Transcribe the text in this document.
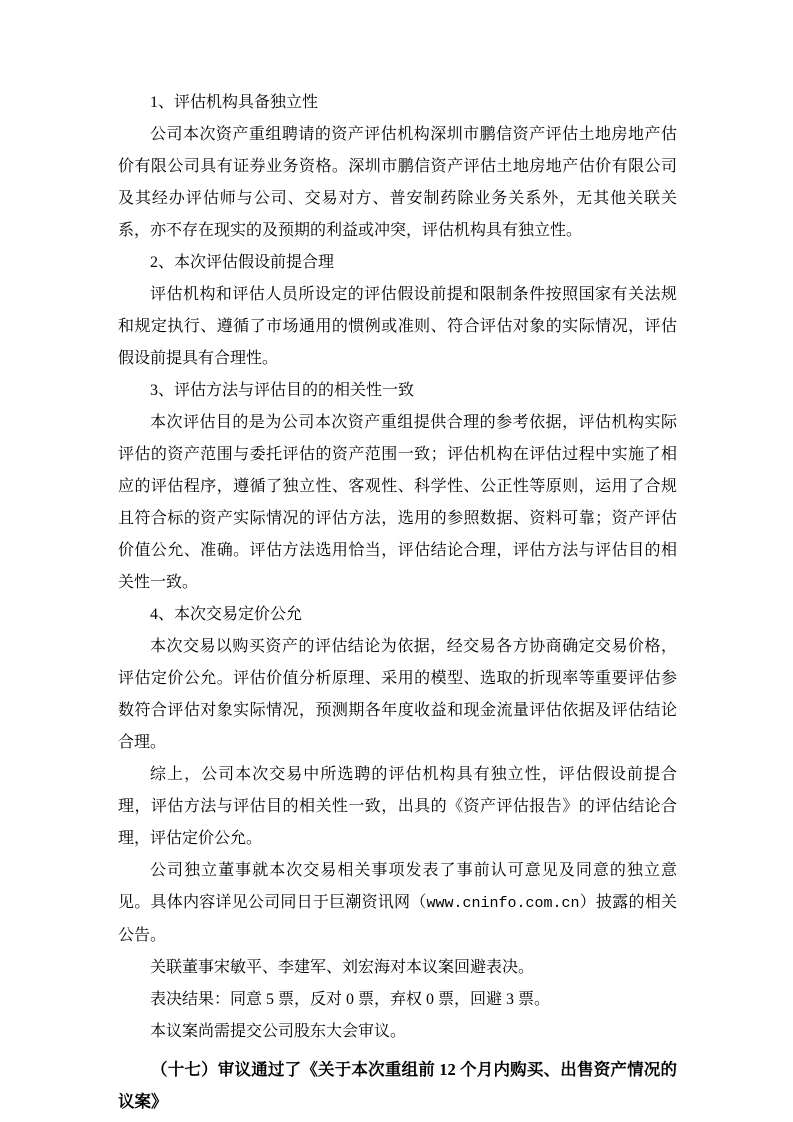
1、评估机构具备独立性

公司本次资产重组聘请的资产评估机构深圳市鹏信资产评估土地房地产估价有限公司具有证券业务资格。深圳市鹏信资产评估土地房地产估价有限公司及其经办评估师与公司、交易对方、普安制药除业务关系外，无其他关联关系，亦不存在现实的及预期的利益或冲突，评估机构具有独立性。

2、本次评估假设前提合理

评估机构和评估人员所设定的评估假设前提和限制条件按照国家有关法规和规定执行、遵循了市场通用的惯例或准则、符合评估对象的实际情况，评估假设前提具有合理性。

3、评估方法与评估目的的相关性一致

本次评估目的是为公司本次资产重组提供合理的参考依据，评估机构实际评估的资产范围与委托评估的资产范围一致；评估机构在评估过程中实施了相应的评估程序，遵循了独立性、客观性、科学性、公正性等原则，运用了合规且符合标的资产实际情况的评估方法，选用的参照数据、资料可靠；资产评估价值公允、准确。评估方法选用恰当，评估结论合理，评估方法与评估目的相关性一致。

4、本次交易定价公允

本次交易以购买资产的评估结论为依据，经交易各方协商确定交易价格，评估定价公允。评估价值分析原理、采用的模型、选取的折现率等重要评估参数符合评估对象实际情况，预测期各年度收益和现金流量评估依据及评估结论合理。

综上，公司本次交易中所选聘的评估机构具有独立性，评估假设前提合理，评估方法与评估目的相关性一致，出具的《资产评估报告》的评估结论合理，评估定价公允。

公司独立董事就本次交易相关事项发表了事前认可意见及同意的独立意见。具体内容详见公司同日于巨潮资讯网（www.cninfo.com.cn）披露的相关公告。

关联董事宋敏平、李建军、刘宏海对本议案回避表决。

表决结果：同意 5 票，反对 0 票，弃权 0 票，回避 3 票。

本议案尚需提交公司股东大会审议。

（十七）审议通过了《关于本次重组前 12 个月内购买、出售资产情况的议案》
